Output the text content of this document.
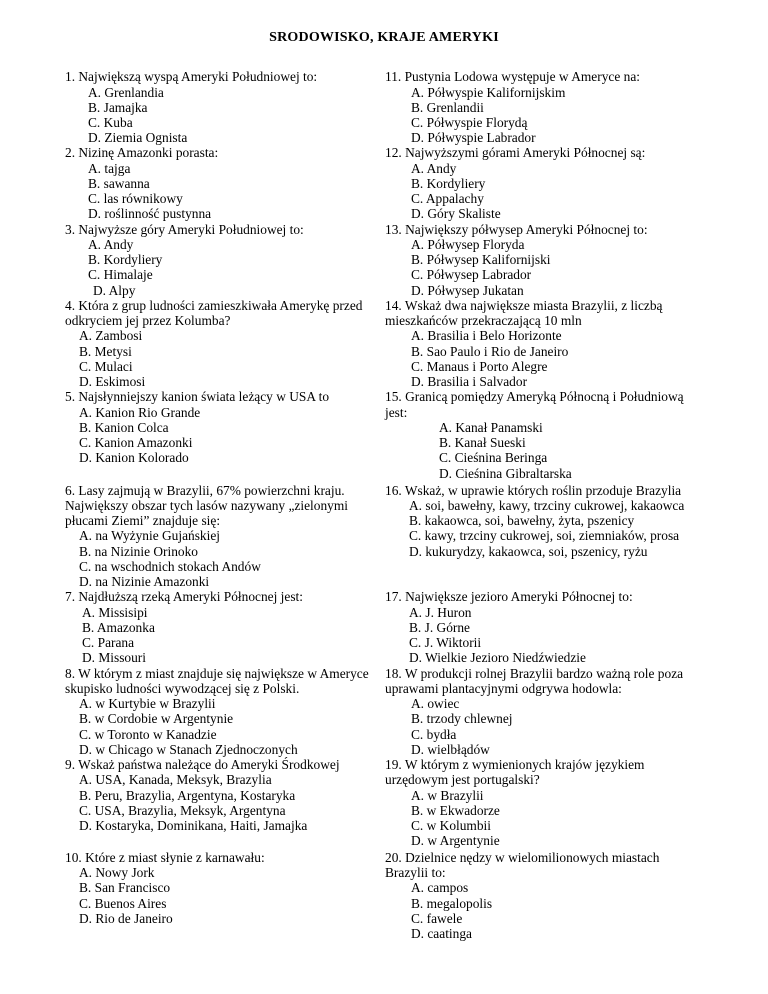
SRODOWISKO, KRAJE AMERYKI
1. Największą wyspą Ameryki Południowej to:
A. Grenlandia
B. Jamajka
C. Kuba
D. Ziemia Ognista
2. Nizinę Amazonki porasta:
A. tajga
B. sawanna
C. las równikowy
D. roślinność pustynna
3. Najwyższe góry Ameryki Południowej to:
A. Andy
B. Kordyliery
C. Himalaje
D. Alpy
4. Która z grup ludności zamieszkiwała Amerykę przed
odkryciem jej przez Kolumba?
A. Zambosi
B. Metysi
C. Mulaci
D. Eskimosi
5. Najsłynniejszy kanion świata leżący w USA to
A. Kanion Rio Grande
B. Kanion Colca
C. Kanion Amazonki
D. Kanion Kolorado
6. Lasy zajmują w Brazylii, 67% powierzchni kraju.
Największy obszar tych lasów nazywany „zielonymi
płucami Ziemi” znajduje się:
A. na Wyżynie Gujańskiej
B. na Nizinie Orinoko
C. na wschodnich stokach Andów
D. na Nizinie Amazonki
7. Najdłuższą rzeką Ameryki Północnej jest:
A. Missisipi
B. Amazonka
C. Parana
D. Missouri
8. W którym z miast znajduje się największe w Ameryce
skupisko ludności wywodzącej się z Polski.
A. w Kurtybie w Brazylii
B. w Cordobie w Argentynie
C. w Toronto w Kanadzie
D. w Chicago w Stanach Zjednoczonych
9. Wskaż państwa należące do Ameryki Środkowej
A. USA, Kanada, Meksyk, Brazylia
B. Peru, Brazylia, Argentyna, Kostaryka
C. USA, Brazylia, Meksyk, Argentyna
D. Kostaryka, Dominikana, Haiti, Jamajka
10. Które z miast słynie z karnawału:
A. Nowy Jork
B. San Francisco
C. Buenos Aires
D. Rio de Janeiro
11. Pustynia Lodowa występuje w Ameryce na:
A. Półwyspie Kalifornijskim
B. Grenlandii
C. Półwyspie Florydą
D. Półwyspie Labrador
12. Najwyższymi górami Ameryki Północnej są:
A. Andy
B. Kordyliery
C. Appalachy
D. Góry Skaliste
13. Największy półwysep Ameryki Północnej to:
A. Półwysep Floryda
B. Półwysep Kalifornijski
C. Półwysep Labrador
D. Półwysep Jukatan
14. Wskaż dwa największe miasta Brazylii, z liczbą
mieszkańców przekraczającą 10 mln
A. Brasilia i Belo Horizonte
B. Sao Paulo i Rio de Janeiro
C. Manaus i Porto Alegre
D. Brasilia i Salvador
15. Granicą pomiędzy Ameryką Północną i Południową
jest:
A. Kanał Panamski
B. Kanał Sueski
C. Cieśnina Beringa
D. Cieśnina Gibraltarska
16. Wskaż, w uprawie których roślin przoduje Brazylia
A. soi, bawełny, kawy, trzciny cukrowej, kakaowca
B. kakaowca, soi, bawełny, żyta, pszenicy
C. kawy, trzciny cukrowej, soi, ziemniaków, prosa
D. kukurydzy, kakaowca, soi, pszenicy, ryżu
17. Największe jezioro Ameryki Północnej to:
A. J. Huron
B. J. Górne
C. J. Wiktorii
D. Wielkie Jezioro Niedźwiedzie
18. W produkcji rolnej Brazylii bardzo ważną role poza
uprawami plantacyjnymi odgrywa hodowla:
A. owiec
B. trzody chlewnej
C. bydła
D. wielbłądów
19. W którym z wymienionych krajów językiem
urzędowym jest portugalski?
A. w Brazylii
B. w Ekwadorze
C. w Kolumbii
D. w Argentynie
20. Dzielnice nędzy w wielomilionowych miastach
Brazylii to:
A. campos
B. megalopolis
C. fawele
D. caatinga
